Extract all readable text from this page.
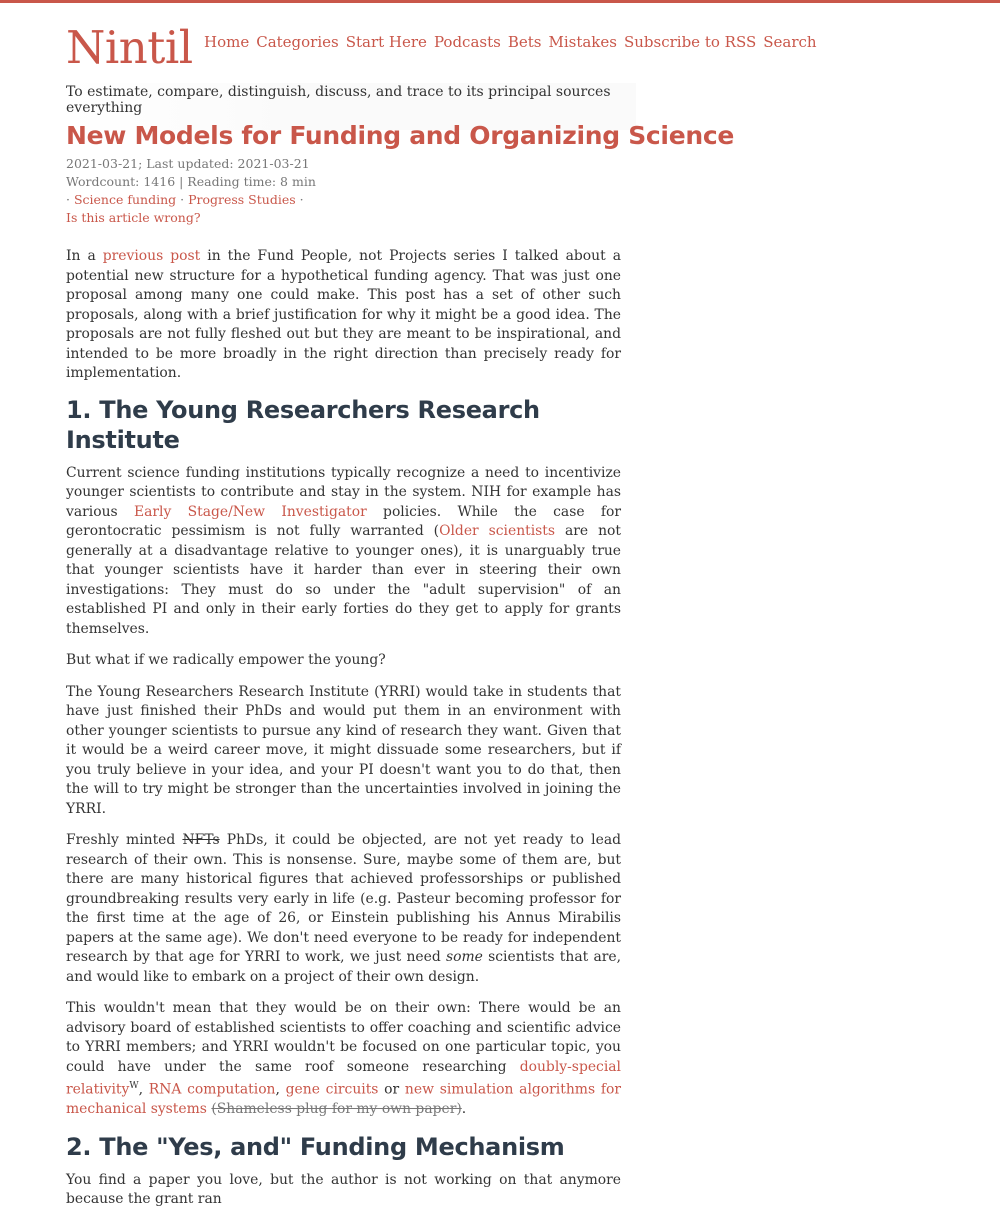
Nintil Home Categories Start Here Podcasts Bets Mistakes Subscribe to RSS Search
To estimate, compare, distinguish, discuss, and trace to its principal sources everything
New Models for Funding and Organizing Science
2021-03-21; Last updated: 2021-03-21
Wordcount: 1416 | Reading time: 8 min
· Science funding · Progress Studies ·
Is this article wrong?

In a previous post in the Fund People, not Projects series I talked about a potential new structure for a hypothetical funding agency. That was just one proposal among many one could make. This post has a set of other such proposals, along with a brief justification for why it might be a good idea. The proposals are not fully fleshed out but they are meant to be inspirational, and intended to be more broadly in the right direction than precisely ready for implementation.

1. The Young Researchers Research Institute

Current science funding institutions typically recognize a need to incentivize younger scientists to contribute and stay in the system. NIH for example has various Early Stage/New Investigator policies. While the case for gerontocratic pessimism is not fully warranted (Older scientists are not generally at a disadvantage relative to younger ones), it is unarguably true that younger scientists have it harder than ever in steering their own investigations: They must do so under the "adult supervision" of an established PI and only in their early forties do they get to apply for grants themselves.

But what if we radically empower the young?

The Young Researchers Research Institute (YRRI) would take in students that have just finished their PhDs and would put them in an environment with other younger scientists to pursue any kind of research they want. Given that it would be a weird career move, it might dissuade some researchers, but if you truly believe in your idea, and your PI doesn't want you to do that, then the will to try might be stronger than the uncertainties involved in joining the YRRI.

Freshly minted NFTs PhDs, it could be objected, are not yet ready to lead research of their own. This is nonsense. Sure, maybe some of them are, but there are many historical figures that achieved professorships or published groundbreaking results very early in life (e.g. Pasteur becoming professor for the first time at the age of 26, or Einstein publishing his Annus Mirabilis papers at the same age). We don't need everyone to be ready for independent research by that age for YRRI to work, we just need some scientists that are, and would like to embark on a project of their own design.

This wouldn't mean that they would be on their own: There would be an advisory board of established scientists to offer coaching and scientific advice to YRRI members; and YRRI wouldn't be focused on one particular topic, you could have under the same roof someone researching doubly-special relativity$^W$, RNA computation, gene circuits or new simulation algorithms for mechanical systems (Shameless plug for my own paper).

2. The "Yes, and" Funding Mechanism

You find a paper you love, but the author is not working on that anymore because the grant ran
